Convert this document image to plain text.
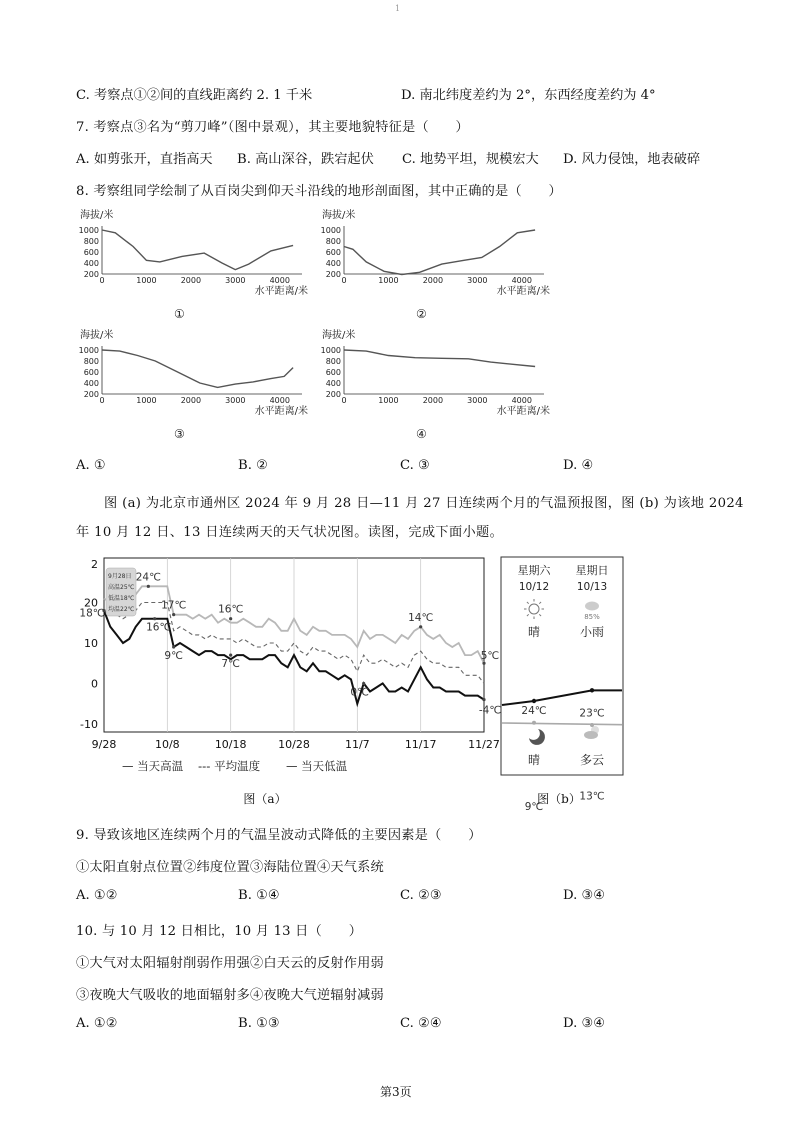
1
C. 考察点①②间的直线距离约 2. 1 千米	D. 南北纬度差约为 2°，东西经度差约为 4°
7. 考察点③名为“剪刀峰”（图中景观），其主要地貌特征是（　　）
A. 如剪张开，直指高天 B. 高山深谷，跌宕起伏 C. 地势平坦，规模宏大 D. 风力侵蚀，地表破碎
8. 考察组同学绘制了从百岗尖到仰天斗沿线的地形剖面图，其中正确的是（　　）
海拔/米
1000
800
600
400
200
0	1000	2000	3000	4000
水平距离/米
①
海拔/米
1000
800
600
400
200
0	1000	2000	3000	4000
水平距离/米
②
海拔/米
1000
800
600
400
200
0	1000	2000	3000	4000
水平距离/米
③
海拔/米
1000
800
600
400
200
0	1000	2000	3000	4000
水平距离/米
④
A. ①	B. ②	C. ③	D. ④
图 (a) 为北京市通州区 2024 年 9 月 28 日—11 月 27 日连续两个月的气温预报图，图 (b) 为该地 2024
年 10 月 12 日、13 日连续两天的天气状况图。读图，完成下面小题。
20
10
0
-10
2
9/28	10/8	10/18	10/28	11/7	11/17	11/27
24℃
18℃
16℃
17℃
9℃
16℃
7℃
0℃
14℃
5℃
-4℃
9月28日
高温25℃
低温18℃
均温22℃
— 当天高温 --- 平均温度 — 当天低温
图（a）
星期六
10/12
晴
24℃
9℃
晴
星期日
10/13
85%
小雨
23℃
13℃
多云
图（b）
9. 导致该地区连续两个月的气温呈波动式降低的主要因素是（　　）
①太阳直射点位置②纬度位置③海陆位置④天气系统
A. ①②	B. ①④	C. ②③	D. ③④
10. 与 10 月 12 日相比，10 月 13 日（　　）
①大气对太阳辐射削弱作用强②白天云的反射作用弱
③夜晚大气吸收的地面辐射多④夜晚大气逆辐射减弱
A. ①②	B. ①③	C. ②④	D. ③④
第3页
